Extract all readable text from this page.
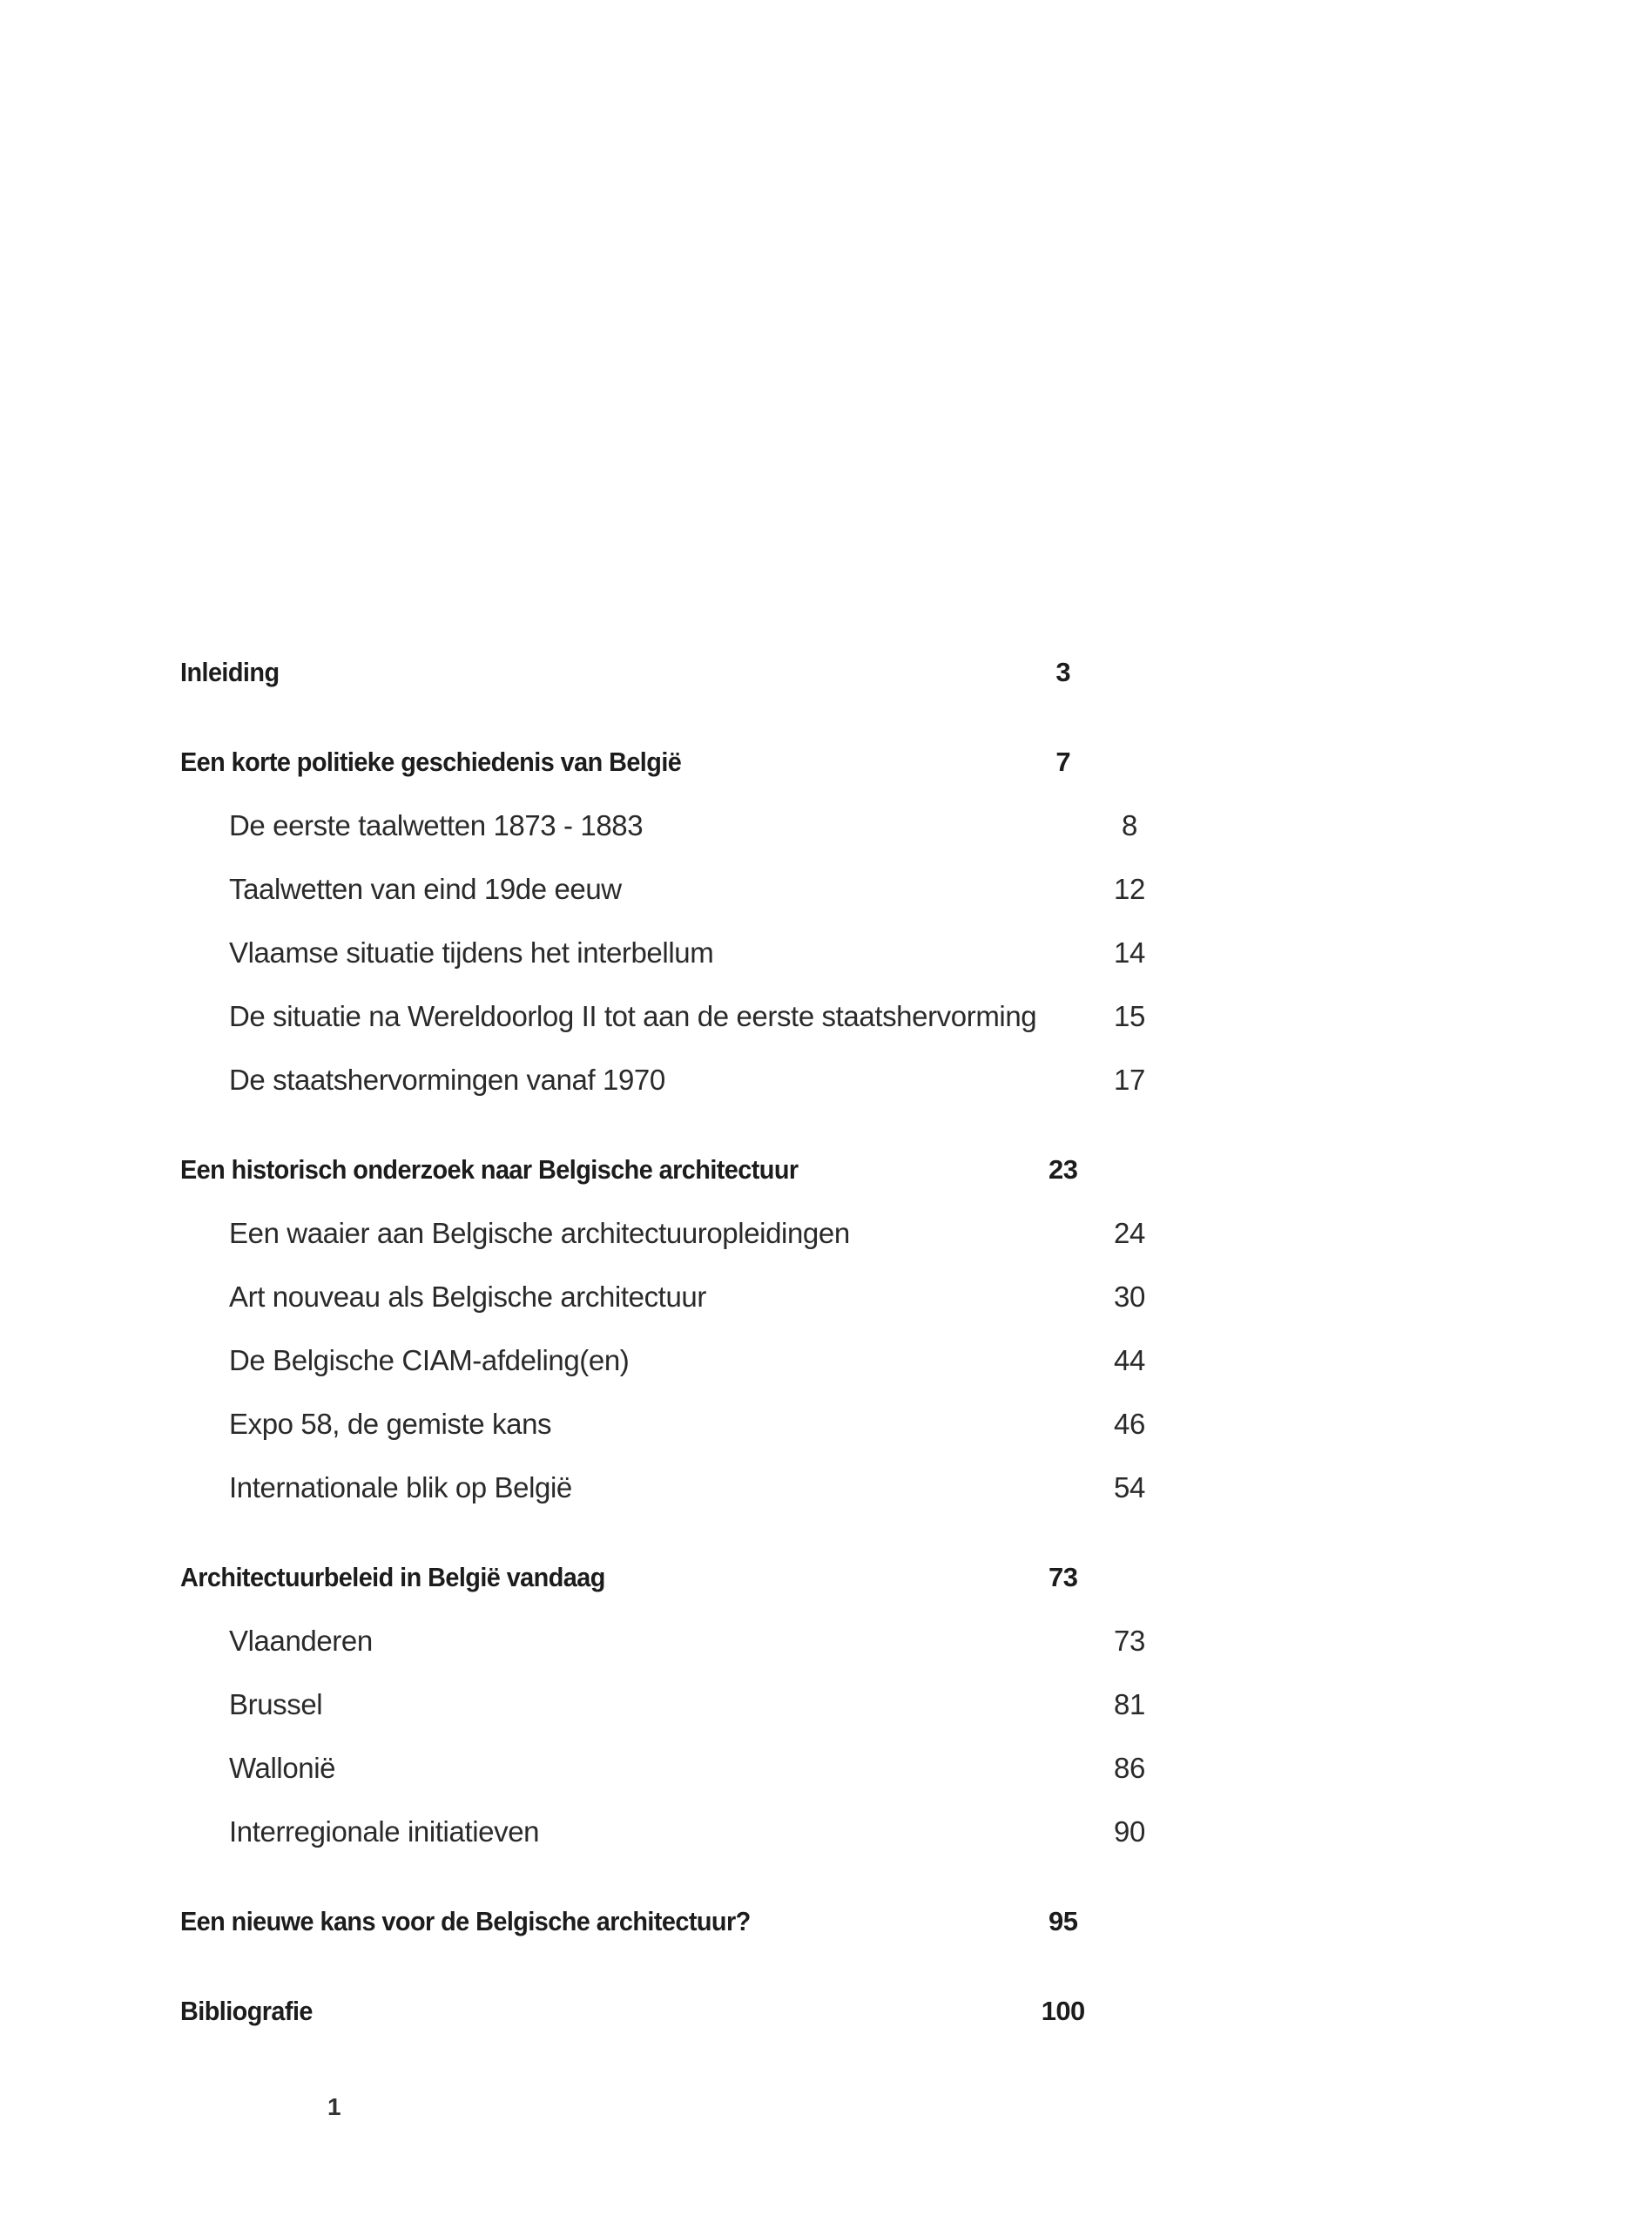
Inleiding	3
Een korte politieke geschiedenis van België	7
De eerste taalwetten 1873 - 1883	8
Taalwetten van eind 19de eeuw	12
Vlaamse situatie tijdens het interbellum	14
De situatie na Wereldoorlog II tot aan de eerste staatshervorming	15
De staatshervormingen vanaf 1970	17
Een historisch onderzoek naar Belgische architectuur	23
Een waaier aan Belgische architectuuropleidingen	24
Art nouveau als Belgische architectuur	30
De Belgische CIAM-afdeling(en)	44
Expo 58, de gemiste kans	46
Internationale blik op België	54
Architectuurbeleid in België vandaag	73
Vlaanderen	73
Brussel	81
Wallonië	86
Interregionale initiatieven	90
Een nieuwe kans voor de Belgische architectuur?	95
Bibliografie	100
1
